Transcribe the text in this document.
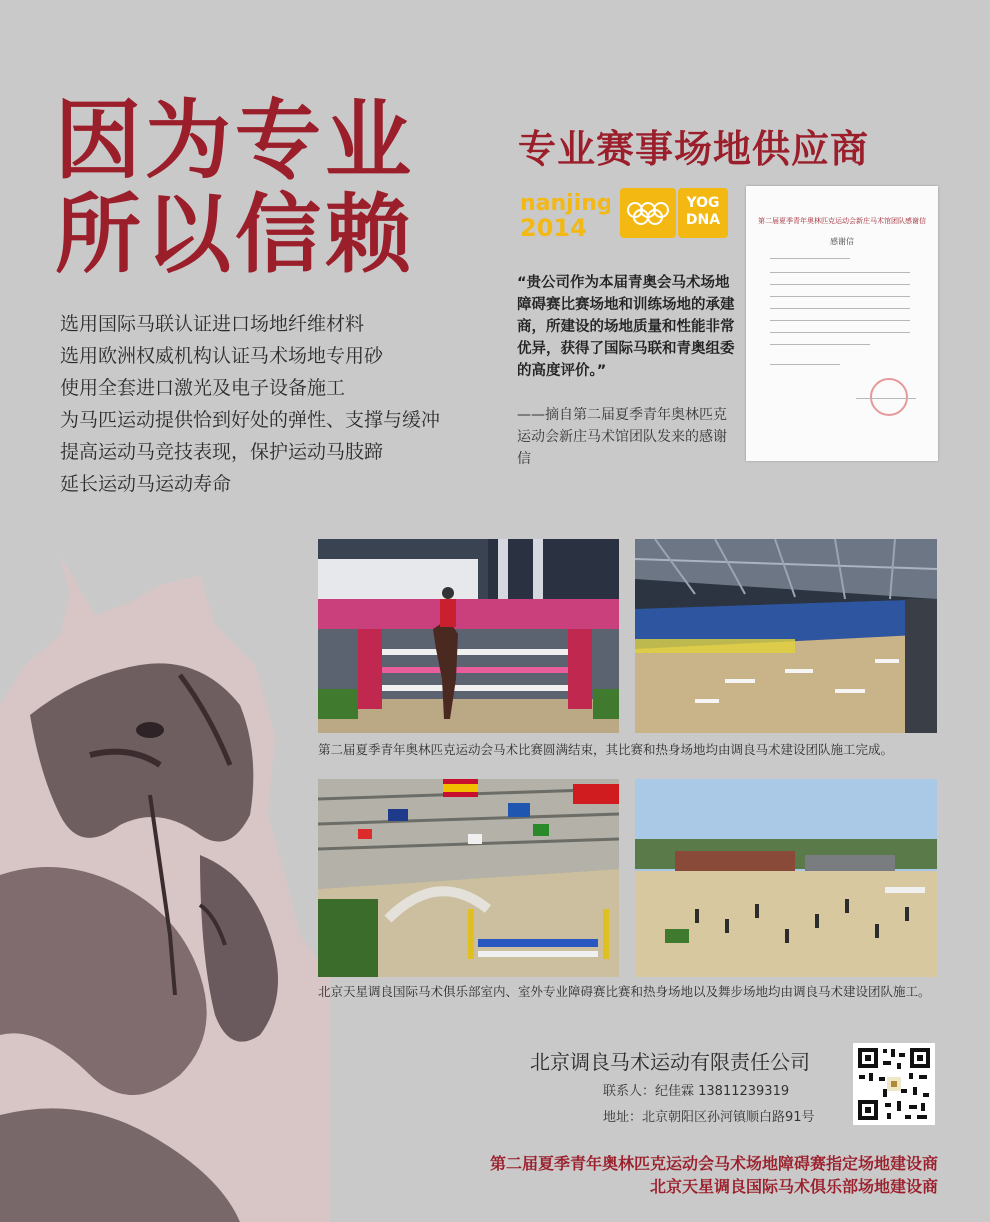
因为专业
所以信赖
选用国际马联认证进口场地纤维材料
选用欧洲权威机构认证马术场地专用砂
使用全套进口激光及电子设备施工
为马匹运动提供恰到好处的弹性、支撑与缓冲
提高运动马竞技表现，保护运动马肢蹄
延长运动马运动寿命
专业赛事场地供应商
nanjing
2014
YOG
DNA
“贵公司作为本届青奥会马术场地障碍赛比赛场地和训练场地的承建商，所建设的场地质量和性能非常优异，获得了国际马联和青奥组委的高度评价。”
——摘自第二届夏季青年奥林匹克运动会新庄马术馆团队发来的感谢信
第二届夏季青年奥林匹克运动会新庄马术馆团队感谢信
感谢信
第二届夏季青年奥林匹克运动会马术比赛圆满结束，其比赛和热身场地均由调良马术建设团队施工完成。
北京天星调良国际马术俱乐部室内、室外专业障碍赛比赛和热身场地以及舞步场地均由调良马术建设团队施工。
北京调良马术运动有限责任公司
联系人：纪佳霖 13811239319
地址：北京朝阳区孙河镇顺白路91号
第二届夏季青年奥林匹克运动会马术场地障碍赛指定场地建设商
北京天星调良国际马术俱乐部场地建设商
